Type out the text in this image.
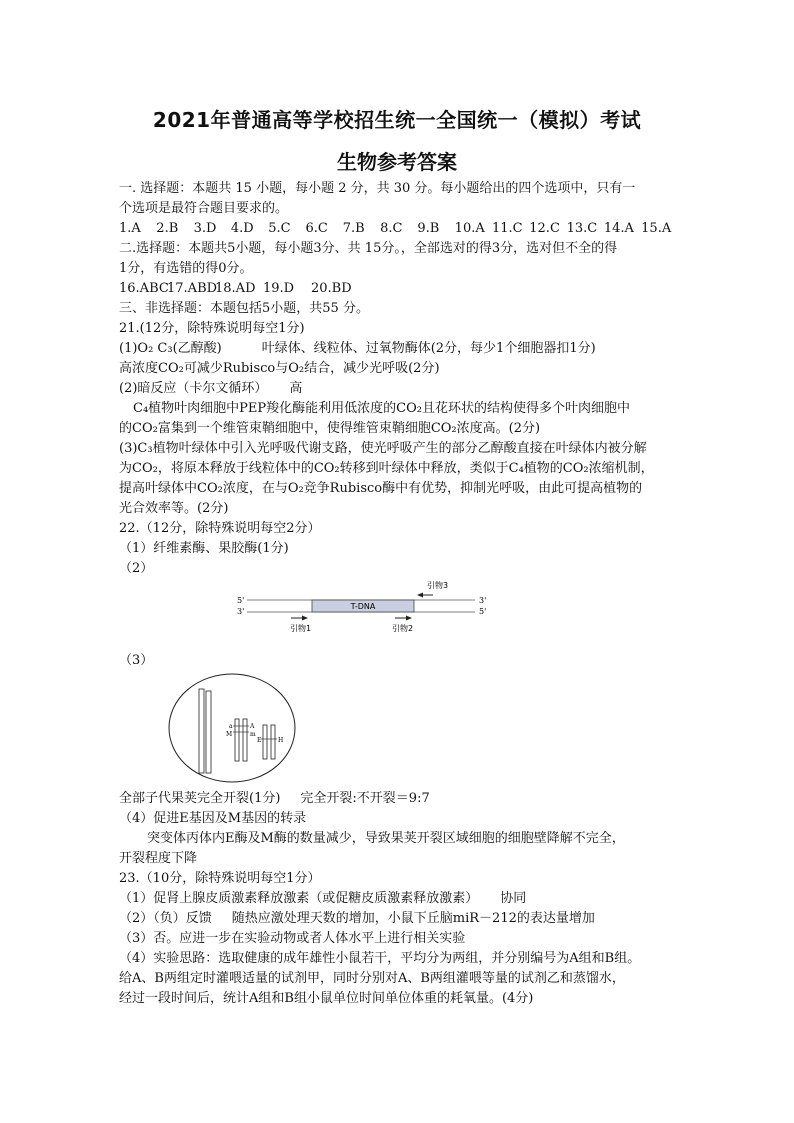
2021年普通高等学校招生统一全国统一（模拟）考试
生物参考答案
一. 选择题：本题共 15 小题，每小题 2 分，共 30 分。每小题给出的四个选项中，只有一
个选项是最符合题目要求的。
1.A 2.B 3.D 4.D 5.C 6.C 7.B 8.C 9.B 10.A 11.C 12.C 13.C 14.A 15.A
二.选择题：本题共5小题，每小题3分、共 15分。，全部选对的得3分，选对但不全的得
1分，有选错的得0分。
16.ABC17.ABD18.AD 19.D 20.BD
三、非选择题：本题包括5小题，共55 分。
21.(12分，除特殊说明每空1分)
(1)O₂ C₃(乙醇酸)	叶绿体、线粒体、过氧物酶体(2分，每少1个细胞器扣1分)
高浓度CO₂可减少Rubisco与O₂结合，减少光呼吸(2分)
(2)暗反应（卡尔文循环） 高
C₄植物叶肉细胞中PEP羧化酶能利用低浓度的CO₂且花环状的结构使得多个叶肉细胞中
的CO₂富集到一个维管束鞘细胞中，使得维管束鞘细胞CO₂浓度高。(2分)
(3)C₃植物叶绿体中引入光呼吸代谢支路，使光呼吸产生的部分乙醇酸直接在叶绿体内被分解
为CO₂，将原本释放于线粒体中的CO₂转移到叶绿体中释放，类似于C₄植物的CO₂浓缩机制，
提高叶绿体中CO₂浓度，在与O₂竞争Rubisco酶中有优势，抑制光呼吸，由此可提高植物的
光合效率等。(2分)
22.（12分，除特殊说明每空2分）
（1）纤维素酶、果胶酶(1分)
（2）
5'
3'
T-DNA
3'
5'
引物3
引物1	引物2
（3）
a
M
A
m
E	H
全部子代果荚完全开裂(1分) 完全开裂:不开裂＝9:7
（4）促进E基因及M基因的转录
突变体丙体内E酶及M酶的数量减少，导致果荚开裂区域细胞的细胞壁降解不完全，
开裂程度下降
23.（10分，除特殊说明每空1分）
（1）促肾上腺皮质激素释放激素（或促糖皮质激素释放激素） 协同
（2）（负）反馈 随热应激处理天数的增加，小鼠下丘脑miR－212的表达量增加
（3）否。应进一步在实验动物或者人体水平上进行相关实验
（4）实验思路：选取健康的成年雄性小鼠若干，平均分为两组，并分别编号为A组和B组。
给A、B两组定时灌喂适量的试剂甲，同时分别对A、B两组灌喂等量的试剂乙和蒸馏水，
经过一段时间后，统计A组和B组小鼠单位时间单位体重的耗氧量。(4分)
